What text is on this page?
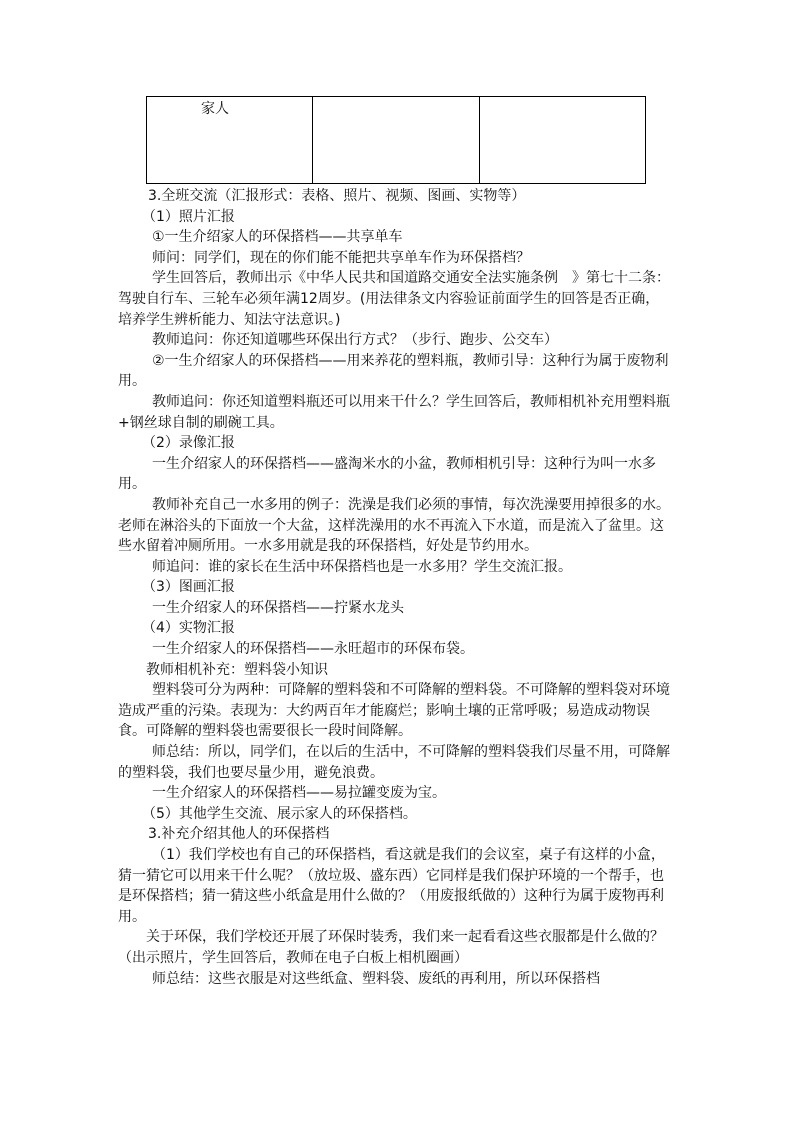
家人

3.全班交流（汇报形式：表格、照片、视频、图画、实物等）

（1）照片汇报

①一生介绍家人的环保搭档——共享单车

师问：同学们，现在的你们能不能把共享单车作为环保搭档？

学生回答后，教师出示《中华人民共和国道路交通安全法实施条例　》第七十二条：驾驶自行车、三轮车必须年满12周岁。(用法律条文内容验证前面学生的回答是否正确，培养学生辨析能力、知法守法意识。)

教师追问：你还知道哪些环保出行方式？（步行、跑步、公交车）

②一生介绍家人的环保搭档——用来养花的塑料瓶，教师引导：这种行为属于废物利用。

教师追问：你还知道塑料瓶还可以用来干什么？学生回答后，教师相机补充用塑料瓶+钢丝球自制的刷碗工具。

（2）录像汇报

一生介绍家人的环保搭档——盛淘米水的小盆，教师相机引导：这种行为叫一水多用。

教师补充自己一水多用的例子：洗澡是我们必须的事情，每次洗澡要用掉很多的水。老师在淋浴头的下面放一个大盆，这样洗澡用的水不再流入下水道，而是流入了盆里。这些水留着冲厕所用。一水多用就是我的环保搭档，好处是节约用水。

师追问：谁的家长在生活中环保搭档也是一水多用？学生交流汇报。

（3）图画汇报

一生介绍家人的环保搭档——拧紧水龙头

（4）实物汇报

一生介绍家人的环保搭档——永旺超市的环保布袋。

教师相机补充：塑料袋小知识

塑料袋可分为两种：可降解的塑料袋和不可降解的塑料袋。不可降解的塑料袋对环境造成严重的污染。表现为：大约两百年才能腐烂；影响土壤的正常呼吸；易造成动物误食。可降解的塑料袋也需要很长一段时间降解。

师总结：所以，同学们，在以后的生活中，不可降解的塑料袋我们尽量不用，可降解的塑料袋，我们也要尽量少用，避免浪费。

一生介绍家人的环保搭档——易拉罐变废为宝。

（5）其他学生交流、展示家人的环保搭档。

3.补充介绍其他人的环保搭档

（1）我们学校也有自己的环保搭档，看这就是我们的会议室，桌子有这样的小盒，猜一猜它可以用来干什么呢？（放垃圾、盛东西）它同样是我们保护环境的一个帮手，也是环保搭档；猜一猜这些小纸盒是用什么做的？（用废报纸做的）这种行为属于废物再利用。

关于环保，我们学校还开展了环保时装秀，我们来一起看看这些衣服都是什么做的？（出示照片，学生回答后，教师在电子白板上相机圈画）

师总结：这些衣服是对这些纸盒、塑料袋、废纸的再利用，所以环保搭档
